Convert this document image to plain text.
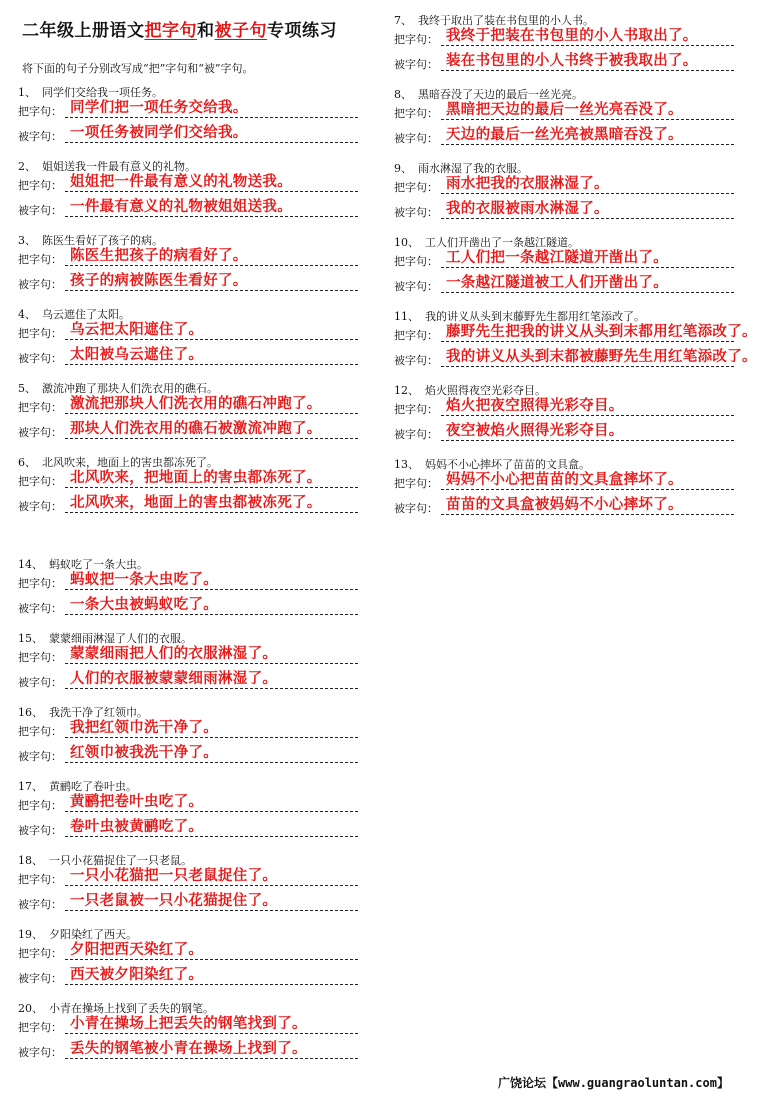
二年级上册语文把字句和被子句专项练习
将下面的句子分别改写成“把”字句和“被”字句。
1、 同学们交给我一项任务。
把字句： 同学们把一项任务交给我。
被字句： 一项任务被同学们交给我。
2、 姐姐送我一件最有意义的礼物。
把字句： 姐姐把一件最有意义的礼物送我。
被字句： 一件最有意义的礼物被姐姐送我。
3、 陈医生看好了孩子的病。
把字句： 陈医生把孩子的病看好了。
被字句： 孩子的病被陈医生看好了。
4、 乌云遮住了太阳。
把字句： 乌云把太阳遮住了。
被字句： 太阳被乌云遮住了。
5、 激流冲跑了那块人们洗衣用的礁石。
把字句： 激流把那块人们洗衣用的礁石冲跑了。
被字句： 那块人们洗衣用的礁石被激流冲跑了。
6、 北风吹来，地面上的害虫都冻死了。
把字句： 北风吹来，把地面上的害虫都冻死了。
被字句： 北风吹来，地面上的害虫都被冻死了。
7、 我终于取出了装在书包里的小人书。
把字句： 我终于把装在书包里的小人书取出了。
被字句： 装在书包里的小人书终于被我取出了。
8、 黑暗吞没了天边的最后一丝光亮。
把字句： 黑暗把天边的最后一丝光亮吞没了。
被字句： 天边的最后一丝光亮被黑暗吞没了。
9、 雨水淋湿了我的衣服。
把字句： 雨水把我的衣服淋湿了。
被字句： 我的衣服被雨水淋湿了。
10、 工人们开凿出了一条越江隧道。
把字句： 工人们把一条越江隧道开凿出了。
被字句： 一条越江隧道被工人们开凿出了。
11、 我的讲义从头到末藤野先生都用红笔添改了。
把字句： 藤野先生把我的讲义从头到末都用红笔添改了。
被字句： 我的讲义从头到末都被藤野先生用红笔添改了。
12、 焰火照得夜空光彩夺目。
把字句： 焰火把夜空照得光彩夺目。
被字句： 夜空被焰火照得光彩夺目。
13、 妈妈不小心摔坏了苗苗的文具盒。
把字句： 妈妈不小心把苗苗的文具盒摔坏了。
被字句： 苗苗的文具盒被妈妈不小心摔坏了。
14、 蚂蚁吃了一条大虫。
把字句： 蚂蚁把一条大虫吃了。
被字句： 一条大虫被蚂蚁吃了。
15、 蒙蒙细雨淋湿了人们的衣服。
把字句： 蒙蒙细雨把人们的衣服淋湿了。
被字句： 人们的衣服被蒙蒙细雨淋湿了。
16、 我洗干净了红领巾。
把字句： 我把红领巾洗干净了。
被字句： 红领巾被我洗干净了。
17、 黄鹂吃了卷叶虫。
把字句： 黄鹂把卷叶虫吃了。
被字句： 卷叶虫被黄鹂吃了。
18、 一只小花猫捉住了一只老鼠。
把字句： 一只小花猫把一只老鼠捉住了。
被字句： 一只老鼠被一只小花猫捉住了。
19、 夕阳染红了西天。
把字句： 夕阳把西天染红了。
被字句： 西天被夕阳染红了。
20、 小青在操场上找到了丢失的钢笔。
把字句： 小青在操场上把丢失的钢笔找到了。
被字句： 丢失的钢笔被小青在操场上找到了。
广饶论坛【www.guangraoluntan.com】
